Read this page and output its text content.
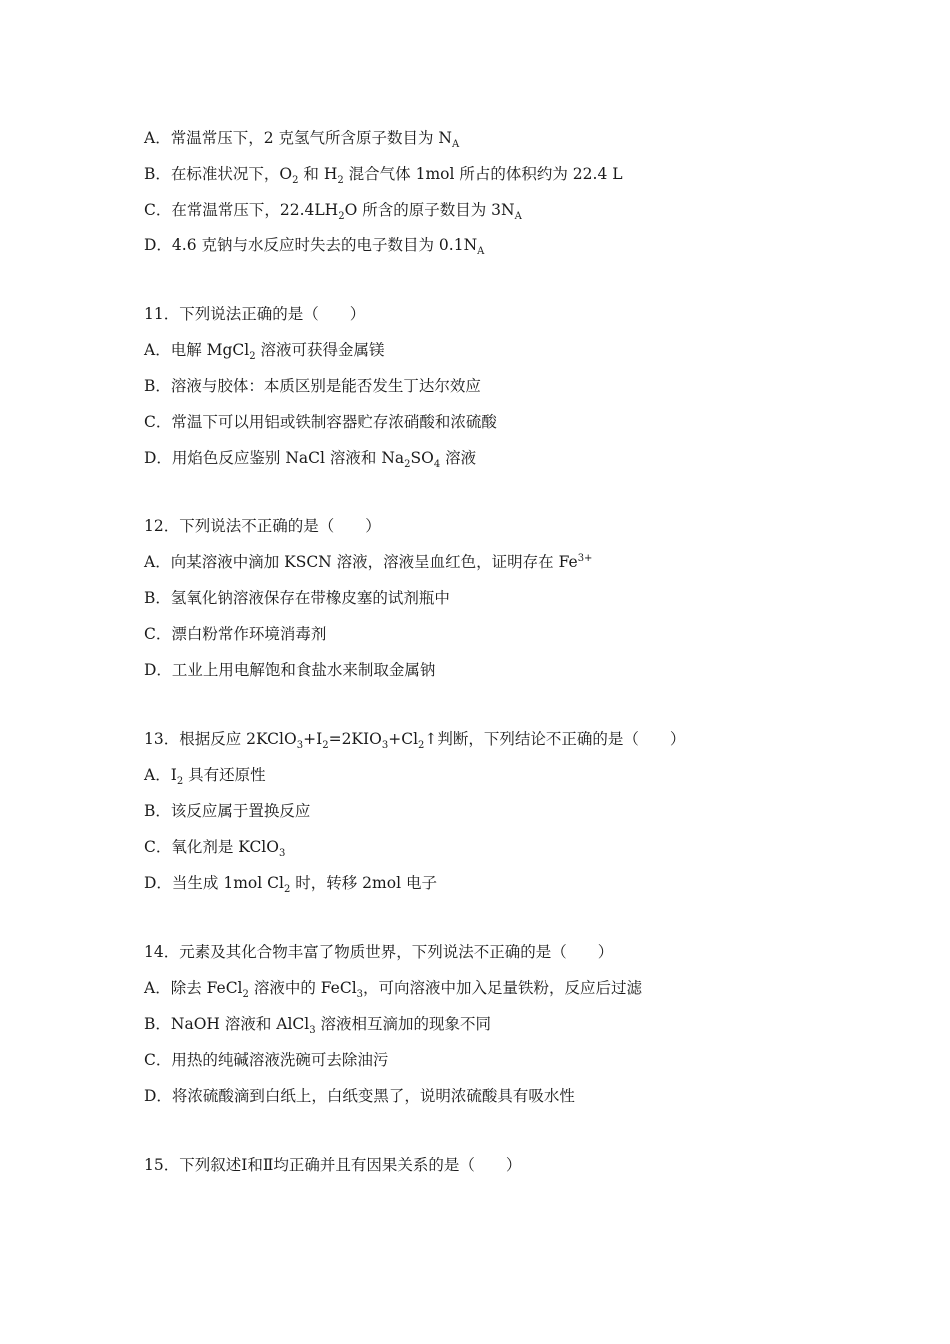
A．常温常压下，2 克氢气所含原子数目为 $N_A$
B．在标准状况下，$O_2$ 和 $H_2$ 混合气体 1mol 所占的体积约为 22.4 L
C．在常温常压下，$22.4LH_2O$ 所含的原子数目为 $3N_A$
D．4.6 克钠与水反应时失去的电子数目为 $0.1N_A$
11．下列说法正确的是（　　）
A．电解 MgCl$_2$ 溶液可获得金属镁
B．溶液与胶体：本质区别是能否发生丁达尔效应
C．常温下可以用铝或铁制容器贮存浓硝酸和浓硫酸
D．用焰色反应鉴别 NaCl 溶液和 $Na_2SO_4$ 溶液
12．下列说法不正确的是（　　）
A．向某溶液中滴加 KSCN 溶液，溶液呈血红色，证明存在 $Fe^{3+}$
B．氢氧化钠溶液保存在带橡皮塞的试剂瓶中
C．漂白粉常作环境消毒剂
D．工业上用电解饱和食盐水来制取金属钠
13．根据反应 $2KClO_3+I_2=2KIO_3+Cl_2↑$判断，下列结论不正确的是（　　）
A．$I_2$ 具有还原性
B．该反应属于置换反应
C．氧化剂是 KClO$_3$
D．当生成 1mol $Cl_2$ 时，转移 2mol 电子
14．元素及其化合物丰富了物质世界，下列说法不正确的是（　　）
A．除去 FeCl$_2$ 溶液中的 FeCl$_3$，可向溶液中加入足量铁粉，反应后过滤
B．NaOH 溶液和 AlCl$_3$ 溶液相互滴加的现象不同
C．用热的纯碱溶液洗碗可去除油污
D．将浓硫酸滴到白纸上，白纸变黑了，说明浓硫酸具有吸水性
15．下列叙述Ⅰ和Ⅱ均正确并且有因果关系的是（　　）
